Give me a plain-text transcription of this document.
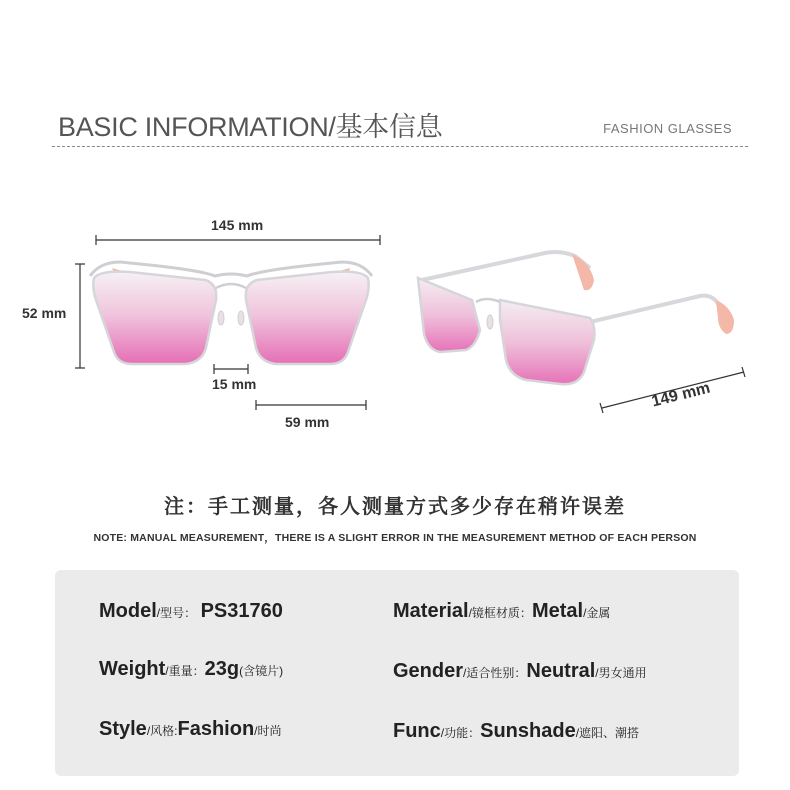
BASIC INFORMATION/基本信息	FASHION GLASSES
145 mm
52 mm
15 mm
59 mm
149 mm
注：手工测量，各人测量方式多少存在稍许误差
NOTE: MANUAL MEASUREMENT，THERE IS A SLIGHT ERROR IN THE MEASUREMENT METHOD OF EACH PERSON
Model/型号： PS31760	Material/镜框材质：Metal/金属
Weight/重量：23g(含镜片)	Gender/适合性别：Neutral/男女通用
Style/风格:Fashion/时尚	Func/功能：Sunshade/遮阳、潮搭
